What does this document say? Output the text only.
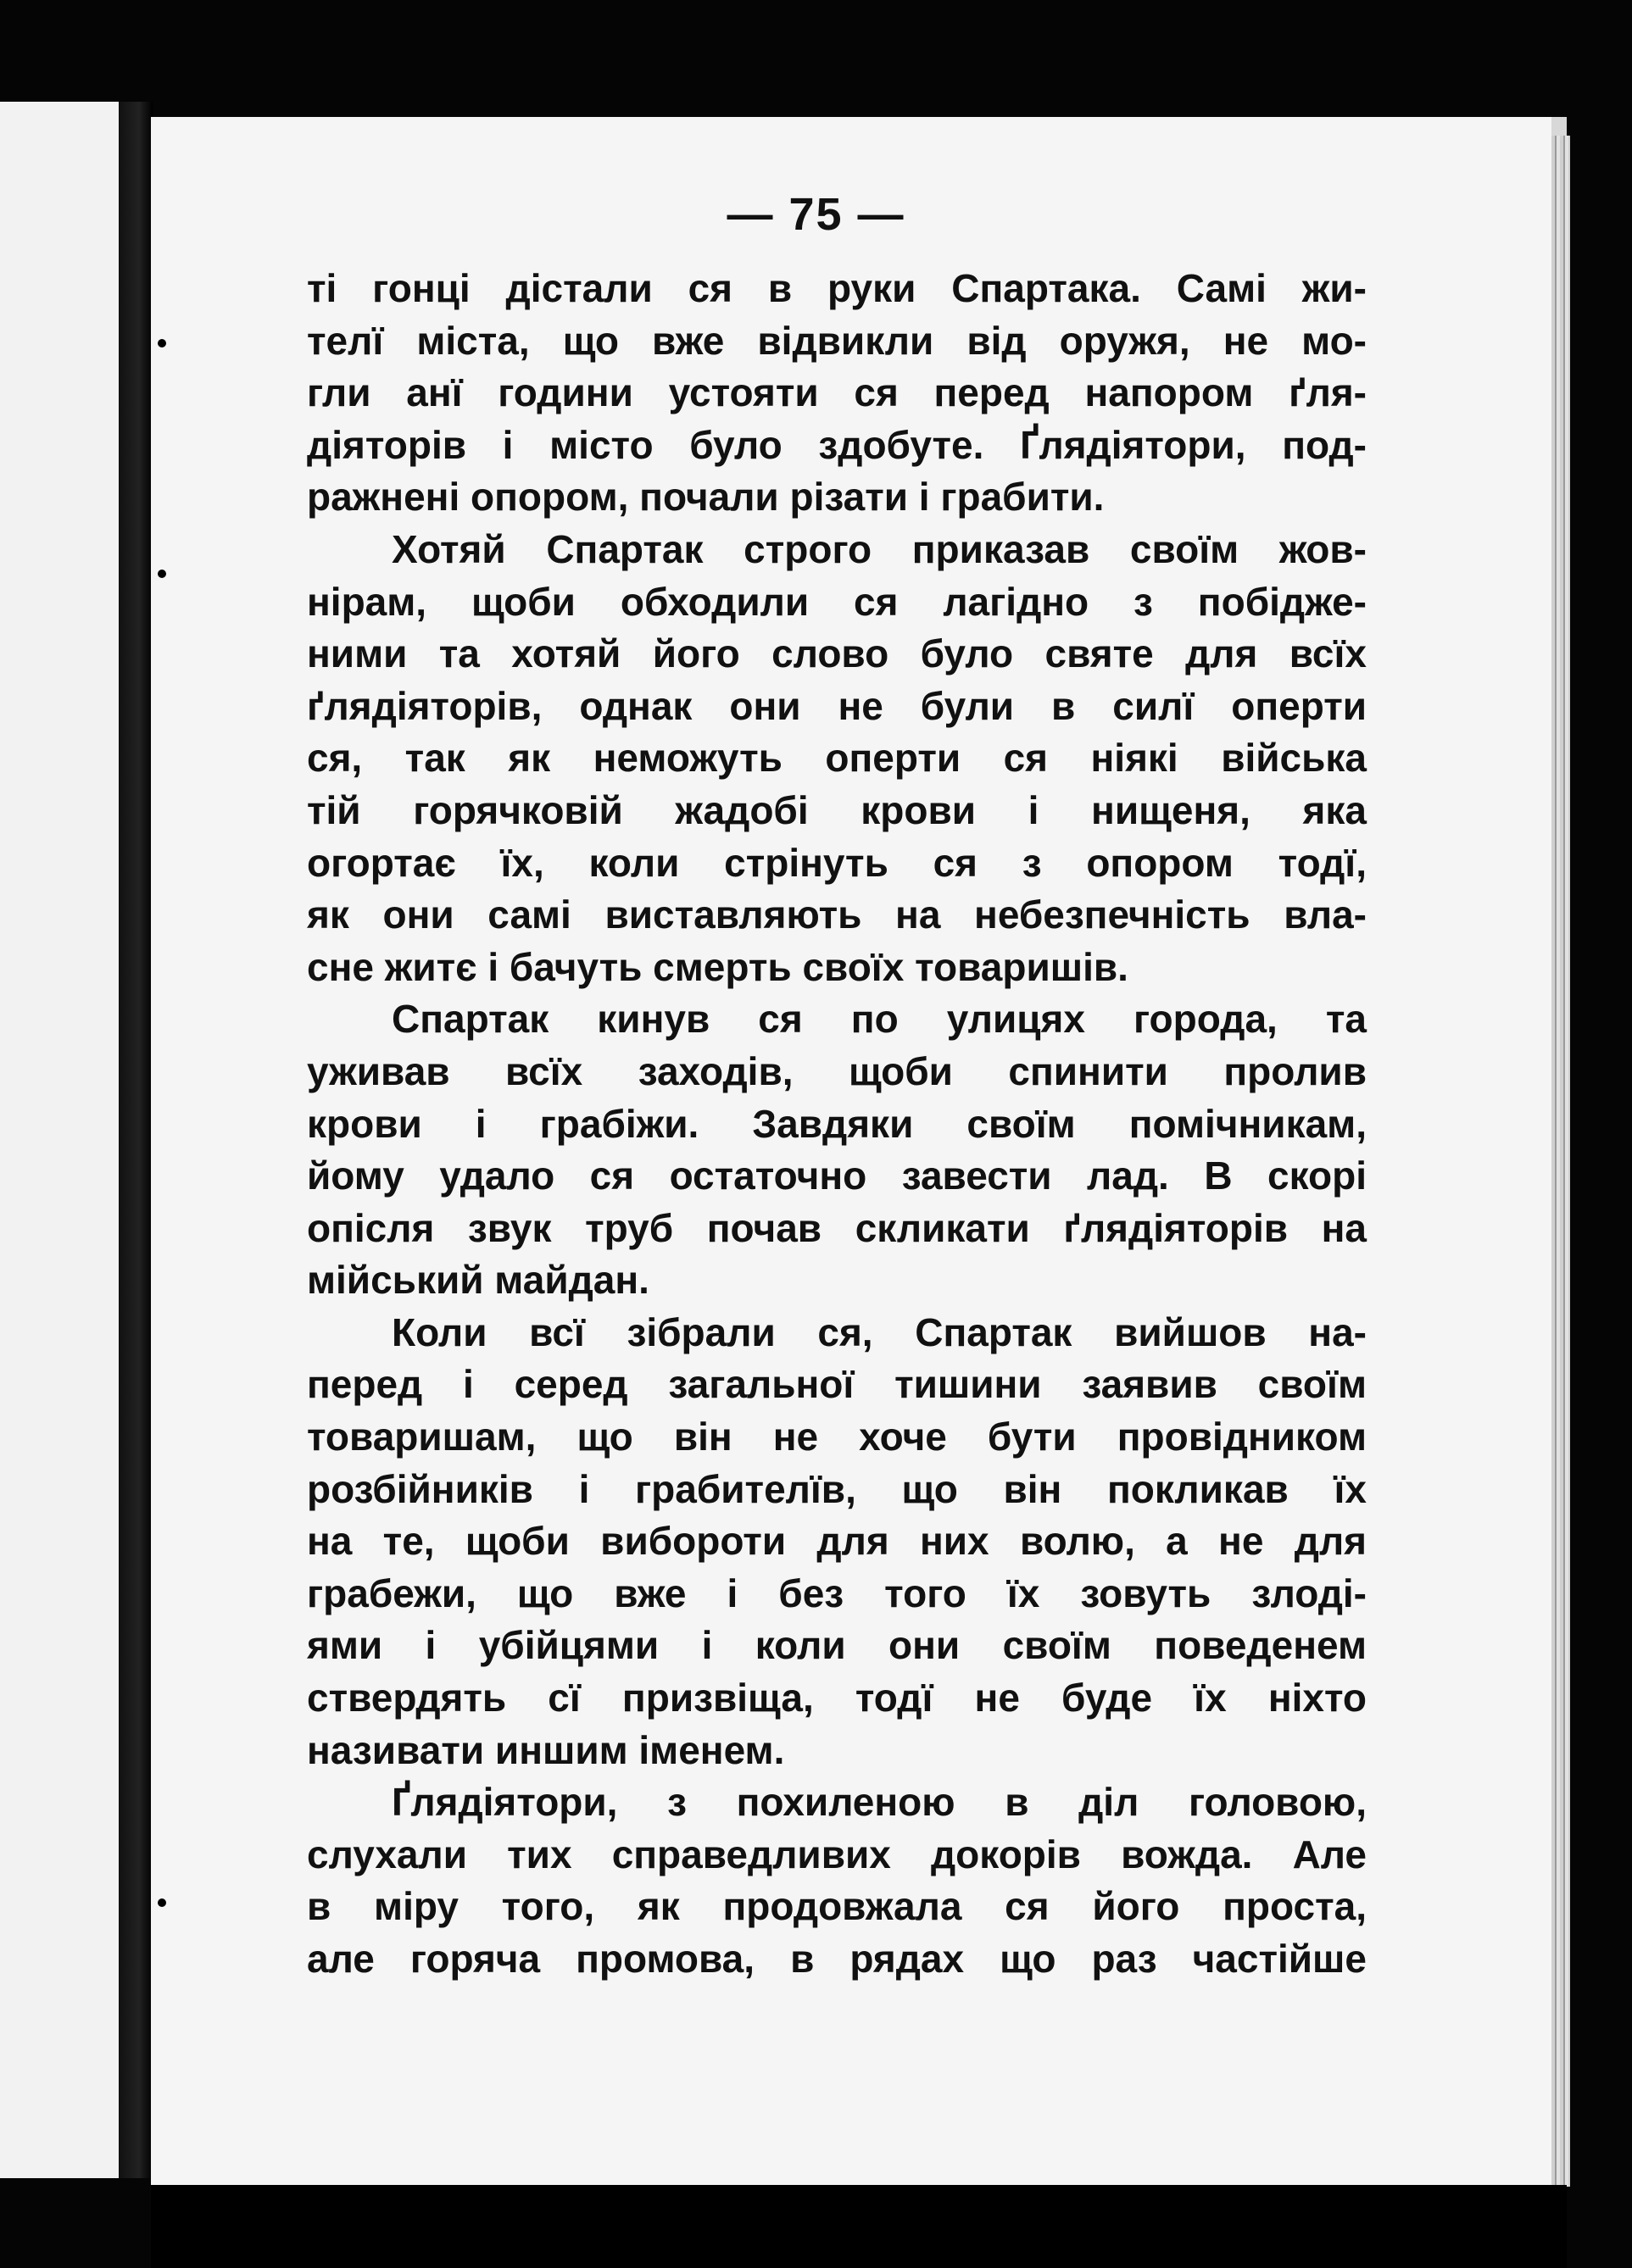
— 75 —
ті гонці дістали ся в руки Спартака. Самі жи-
телї міста, що вже відвикли від оружя, не мо-
гли анї години устояти ся перед напором ґля-
діяторів і місто було здобуте. Ґлядіятори, под-
ражнені опором, почали різати і грабити.
Хотяй Спартак строго приказав своїм жов-
нірам, щоби обходили ся лагідно з побідже-
ними та хотяй його слово було святе для всїх
ґлядіяторів, однак они не були в силї оперти
ся, так як неможуть оперти ся ніякі війська
тій горячковій жадобі крови і нищеня, яка
огортає їх, коли стрінуть ся з опором тодї,
як они самі виставляють на небезпечність вла-
сне житє і бачуть смерть своїх товаришів.
Спартак кинув ся по улицях города, та
уживав всїх заходів, щоби спинити пролив
крови і грабіжи. Завдяки своїм помічникам,
йому удало ся остаточно завести лад. В скорі
опісля звук труб почав скликати ґлядіяторів на
мійський майдан.
Коли всї зібрали ся, Спартак вийшов на-
перед і серед загальної тишини заявив своїм
товаришам, що він не хоче бути провідником
розбійників і грабителїв, що він покликав їх
на те, щоби вибороти для них волю, а не для
грабежи, що вже і без того їх зовуть злоді-
ями і убійцями і коли они своїм поведенем
ствердять сї призвіща, тодї не буде їх ніхто
називати иншим іменем.
Ґлядіятори, з похиленою в діл головою,
слухали тих справедливих докорів вожда. Але
в міру того, як продовжала ся його проста,
але горяча промова, в рядах що раз частійше
